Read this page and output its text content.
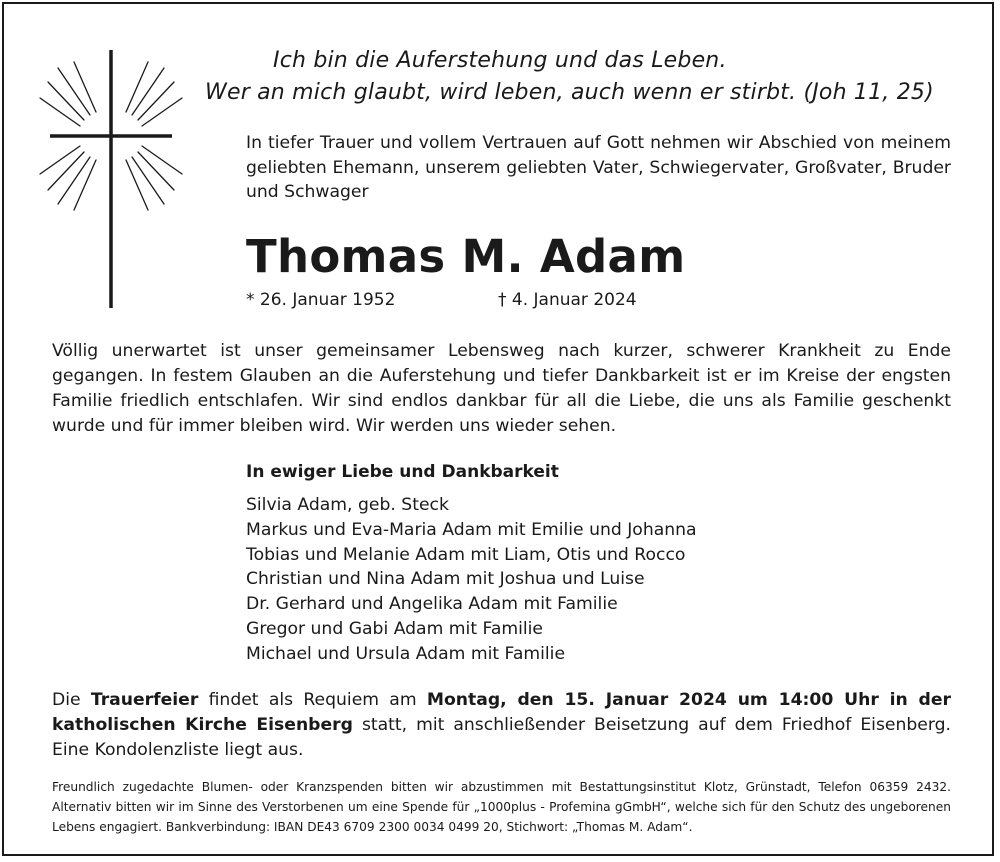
Ich bin die Auferstehung und das Leben.
Wer an mich glaubt, wird leben, auch wenn er stirbt. (Joh 11, 25)

In tiefer Trauer und vollem Vertrauen auf Gott nehmen wir Abschied von meinem geliebten Ehemann, unserem geliebten Vater, Schwiegervater, Großvater, Bruder und Schwager

Thomas M. Adam
* 26. Januar 1952	† 4. Januar 2024

Völlig unerwartet ist unser gemeinsamer Lebensweg nach kurzer, schwerer Krankheit zu Ende gegangen. In festem Glauben an die Auferstehung und tiefer Dankbarkeit ist er im Kreise der engsten Familie friedlich entschlafen. Wir sind endlos dankbar für all die Liebe, die uns als Familie geschenkt wurde und für immer bleiben wird. Wir werden uns wieder sehen.

In ewiger Liebe und Dankbarkeit
Silvia Adam, geb. Steck
Markus und Eva-Maria Adam mit Emilie und Johanna
Tobias und Melanie Adam mit Liam, Otis und Rocco
Christian und Nina Adam mit Joshua und Luise
Dr. Gerhard und Angelika Adam mit Familie
Gregor und Gabi Adam mit Familie
Michael und Ursula Adam mit Familie

Die Trauerfeier findet als Requiem am Montag, den 15. Januar 2024 um 14:00 Uhr in der katholischen Kirche Eisenberg statt, mit anschließender Beisetzung auf dem Friedhof Eisenberg. Eine Kondolenzliste liegt aus.

Freundlich zugedachte Blumen- oder Kranzspenden bitten wir abzustimmen mit Bestattungsinstitut Klotz, Grünstadt, Telefon 06359 2432. Alternativ bitten wir im Sinne des Verstorbenen um eine Spende für „1000plus - Profemina gGmbH“, welche sich für den Schutz des ungeborenen Lebens engagiert. Bankverbindung: IBAN DE43 6709 2300 0034 0499 20, Stichwort: „Thomas M. Adam“.
